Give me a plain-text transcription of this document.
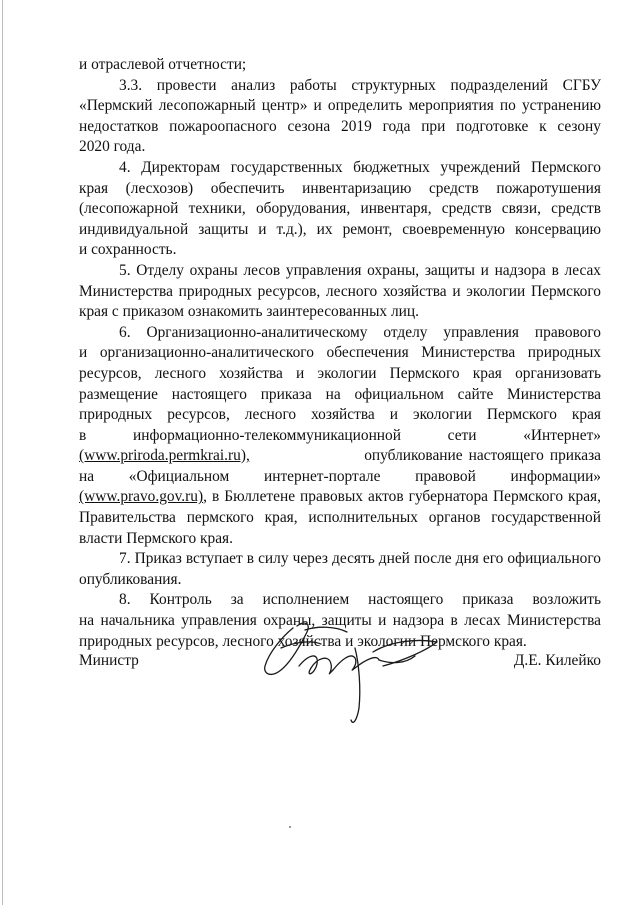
и отраслевой отчетности;
3.3. провести анализ работы структурных подразделений СГБУ
«Пермский лесопожарный центр» и определить мероприятия по устранению
недостатков пожароопасного сезона 2019 года при подготовке к сезону
2020 года.
4. Директорам государственных бюджетных учреждений Пермского
края (лесхозов) обеспечить инвентаризацию средств пожаротушения
(лесопожарной техники, оборудования, инвентаря, средств связи, средств
индивидуальной защиты и т.д.), их ремонт, своевременную консервацию
и сохранность.
5. Отделу охраны лесов управления охраны, защиты и надзора в лесах
Министерства природных ресурсов, лесного хозяйства и экологии Пермского
края с приказом ознакомить заинтересованных лиц.
6. Организационно-аналитическому отделу управления правового
и организационно-аналитического обеспечения Министерства природных
ресурсов, лесного хозяйства и экологии Пермского края организовать
размещение настоящего приказа на официальном сайте Министерства
природных ресурсов, лесного хозяйства и экологии Пермского края
в информационно-телекоммуникационной сети «Интернет»
(www.priroda.permkrai.ru),	опубликование настоящего приказа
на «Официальном интернет-портале правовой информации»
(www.pravo.gov.ru), в Бюллетене правовых актов губернатора Пермского края,
Правительства пермского края, исполнительных органов государственной
власти Пермского края.
7. Приказ вступает в силу через десять дней после дня его официального
опубликования.
8. Контроль за исполнением настоящего приказа возложить
на начальника управления охраны, защиты и надзора в лесах Министерства
природных ресурсов, лесного хозяйства и экологии Пермского края.
Министр	Д.Е. Килейко
